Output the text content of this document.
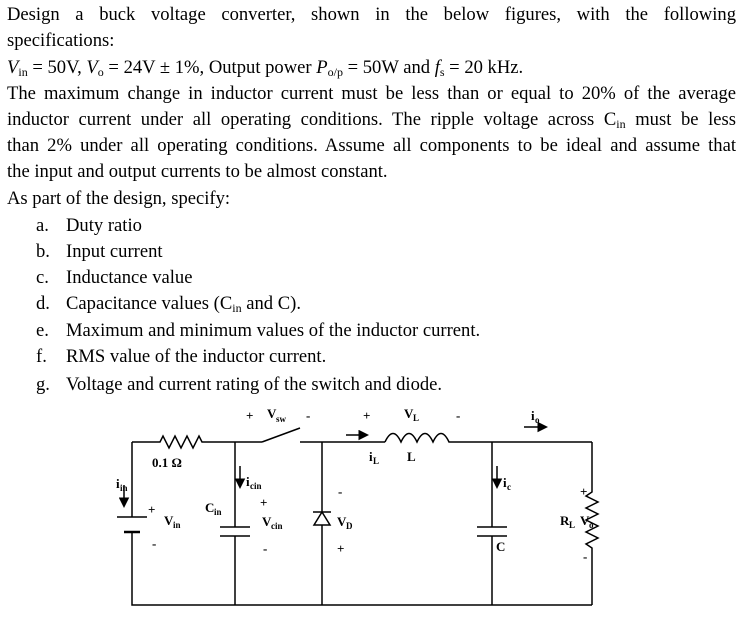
Design a buck voltage converter, shown in the below figures, with the following

specifications:

$V_{in} = 50V$, $V_o = 24V \pm 1\%$, Output power $P_{o/p} = 50W$ and $f_s = 20$ kHz.

The maximum change in inductor current must be less than or equal to 20% of the average

inductor current under all operating conditions. The ripple voltage across $C_{in}$ must be less

than 2% under all operating conditions. Assume all components to be ideal and assume that

the input and output currents to be almost constant.

As part of the design, specify:

a. Duty ratio
b. Input current
c. Inductance value
d. Capacitance values ($C_{in}$ and C).
e. Maximum and minimum values of the inductor current.
f. RMS value of the inductor current.
g. Voltage and current rating of the switch and diode.
0.1 Ω
i in
+
-
V in
C in
i cin
+
V cin
-
+ V sw -
-
V D
+
+	V L	-
i L L
i o
i c
C
+
R L V o
-
